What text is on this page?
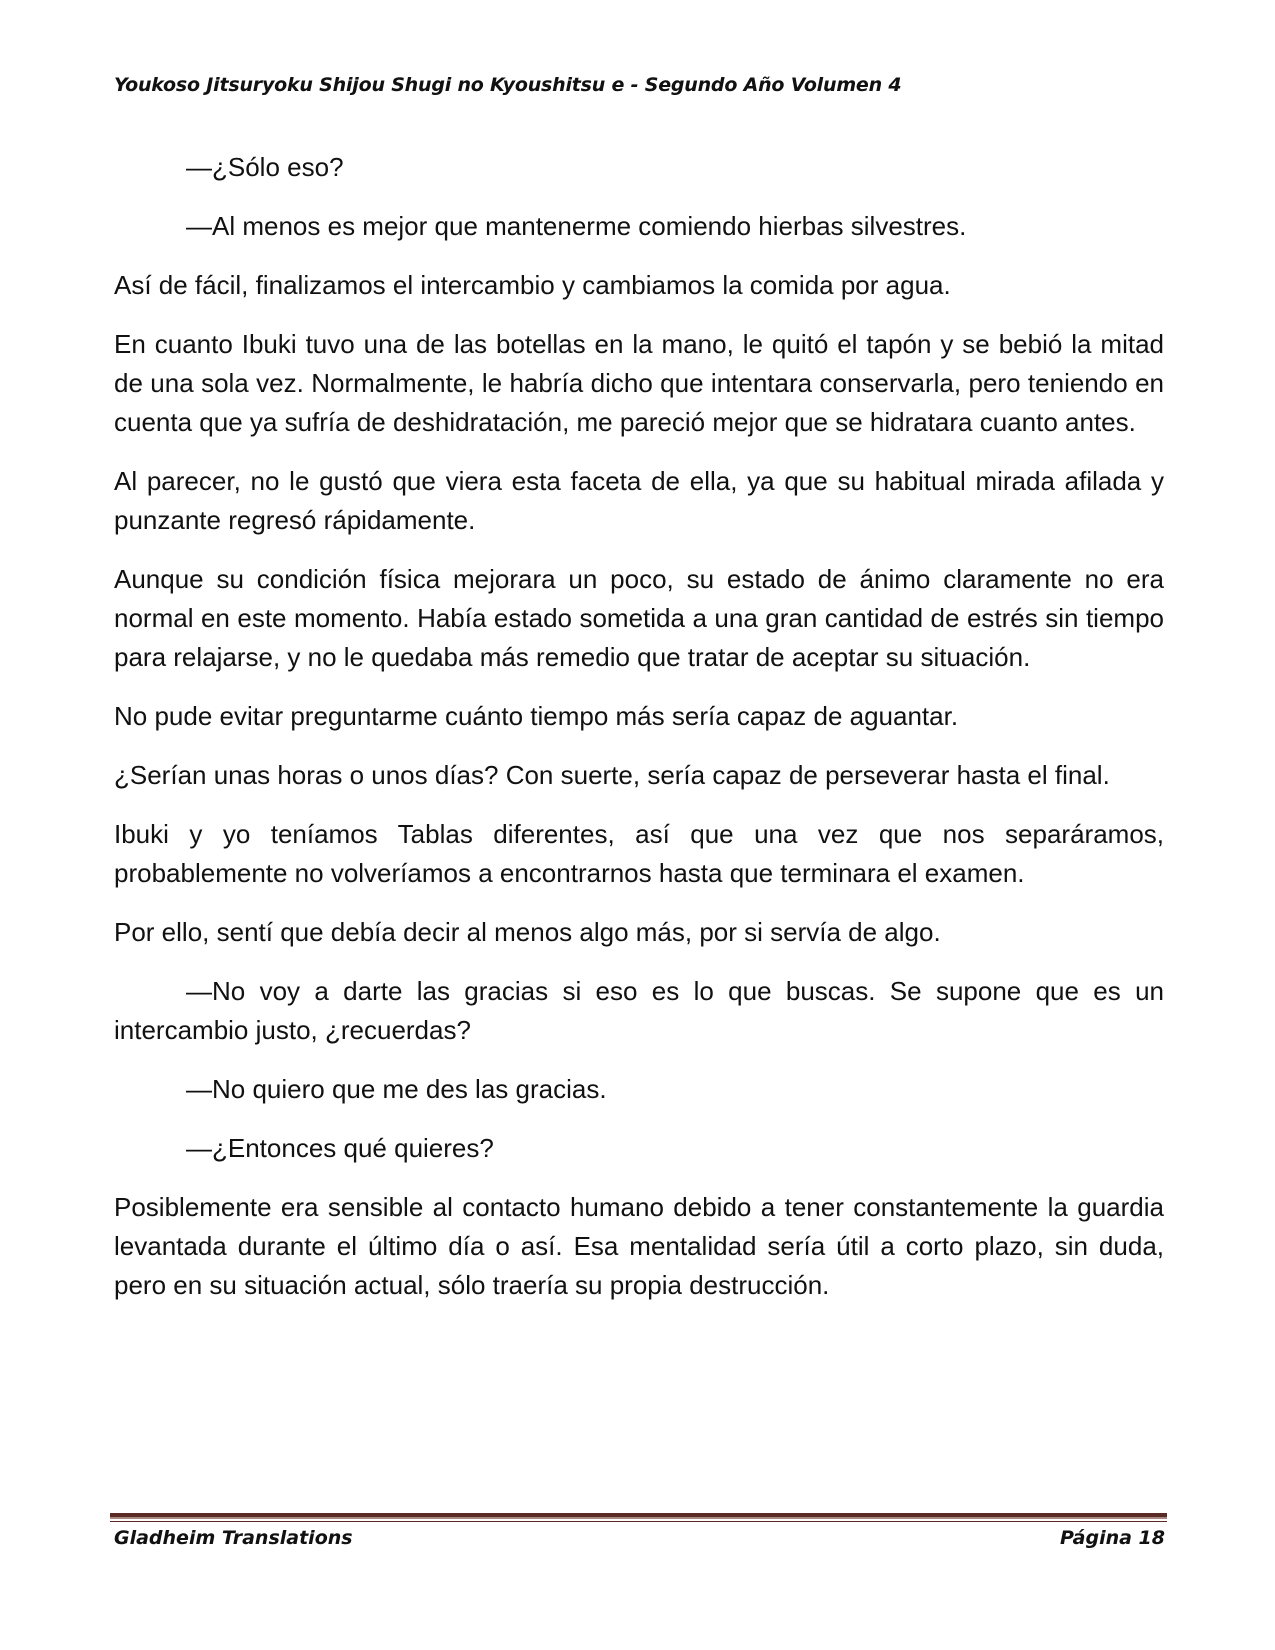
Youkoso Jitsuryoku Shijou Shugi no Kyoushitsu e - Segundo Año Volumen 4

—¿Sólo eso?

—Al menos es mejor que mantenerme comiendo hierbas silvestres.

Así de fácil, finalizamos el intercambio y cambiamos la comida por agua.

En cuanto Ibuki tuvo una de las botellas en la mano, le quitó el tapón y se bebió la mitad de una sola vez. Normalmente, le habría dicho que intentara conservarla, pero teniendo en cuenta que ya sufría de deshidratación, me pareció mejor que se hidratara cuanto antes.

Al parecer, no le gustó que viera esta faceta de ella, ya que su habitual mirada afilada y punzante regresó rápidamente.

Aunque su condición física mejorara un poco, su estado de ánimo claramente no era normal en este momento. Había estado sometida a una gran cantidad de estrés sin tiempo para relajarse, y no le quedaba más remedio que tratar de aceptar su situación.

No pude evitar preguntarme cuánto tiempo más sería capaz de aguantar.

¿Serían unas horas o unos días? Con suerte, sería capaz de perseverar hasta el final.

Ibuki y yo teníamos Tablas diferentes, así que una vez que nos separáramos, probablemente no volveríamos a encontrarnos hasta que terminara el examen.

Por ello, sentí que debía decir al menos algo más, por si servía de algo.

—No voy a darte las gracias si eso es lo que buscas. Se supone que es un intercambio justo, ¿recuerdas?

—No quiero que me des las gracias.

—¿Entonces qué quieres?

Posiblemente era sensible al contacto humano debido a tener constantemente la guardia levantada durante el último día o así. Esa mentalidad sería útil a corto plazo, sin duda, pero en su situación actual, sólo traería su propia destrucción.

Gladheim Translations	Página 18
